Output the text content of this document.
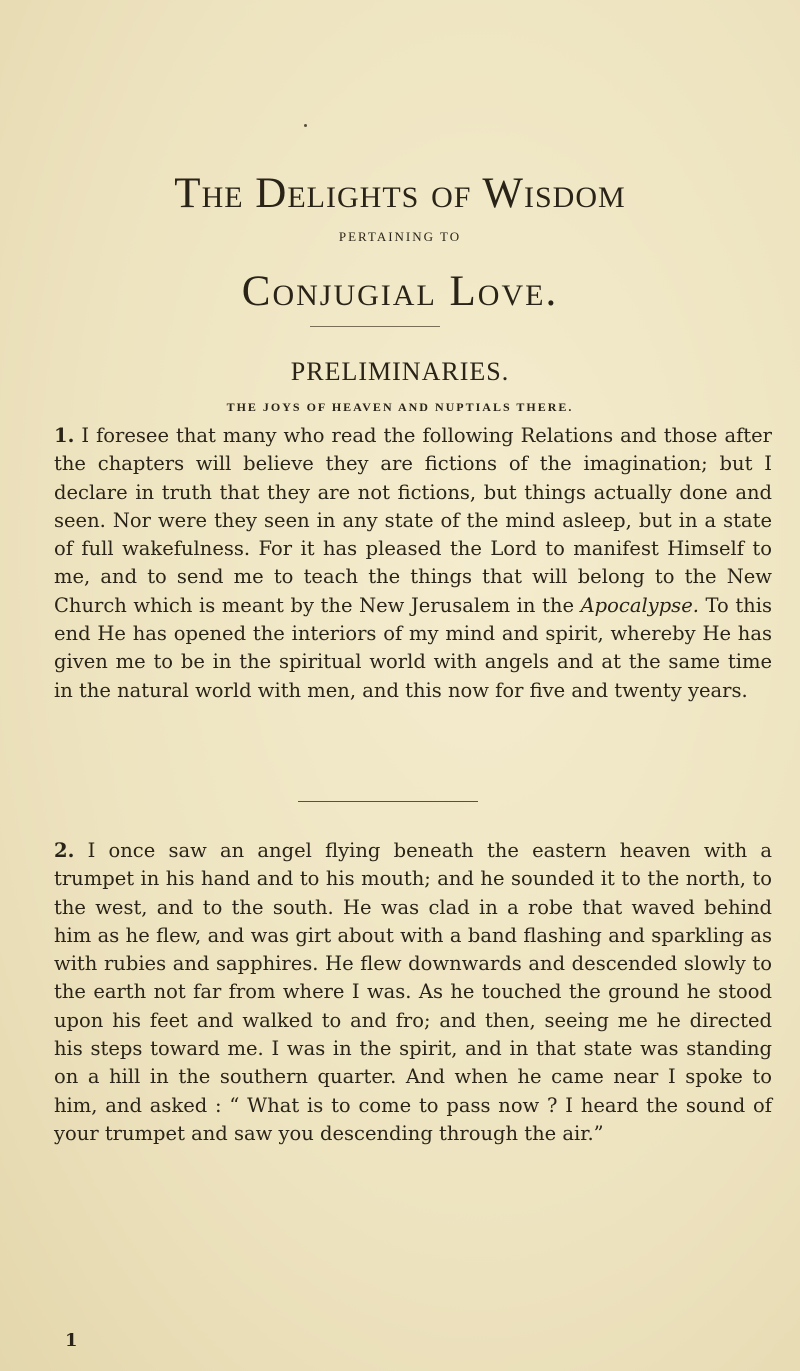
The Delights of Wisdom
PERTAINING TO
Conjugial Love.
PRELIMINARIES.
THE JOYS OF HEAVEN AND NUPTIALS THERE.
1. I foresee that many who read the following Relations and those after the chapters will believe they are fictions of the imagination; but I declare in truth that they are not fictions, but things actually done and seen. Nor were they seen in any state of the mind asleep, but in a state of full wakefulness. For it has pleased the Lord to manifest Himself to me, and to send me to teach the things that will belong to the New Church which is meant by the New Jerusalem in the Apocalypse. To this end He has opened the interiors of my mind and spirit, whereby He has given me to be in the spiritual world with angels and at the same time in the natural world with men, and this now for five and twenty years.
2. I once saw an angel flying beneath the eastern heaven with a trumpet in his hand and to his mouth; and he sounded it to the north, to the west, and to the south. He was clad in a robe that waved behind him as he flew, and was girt about with a band flashing and sparkling as with rubies and sapphires. He flew downwards and descended slowly to the earth not far from where I was. As he touched the ground he stood upon his feet and walked to and fro; and then, seeing me he directed his steps toward me. I was in the spirit, and in that state was standing on a hill in the southern quarter. And when he came near I spoke to him, and asked : “ What is to come to pass now ? I heard the sound of your trumpet and saw you descending through the air.”
1
